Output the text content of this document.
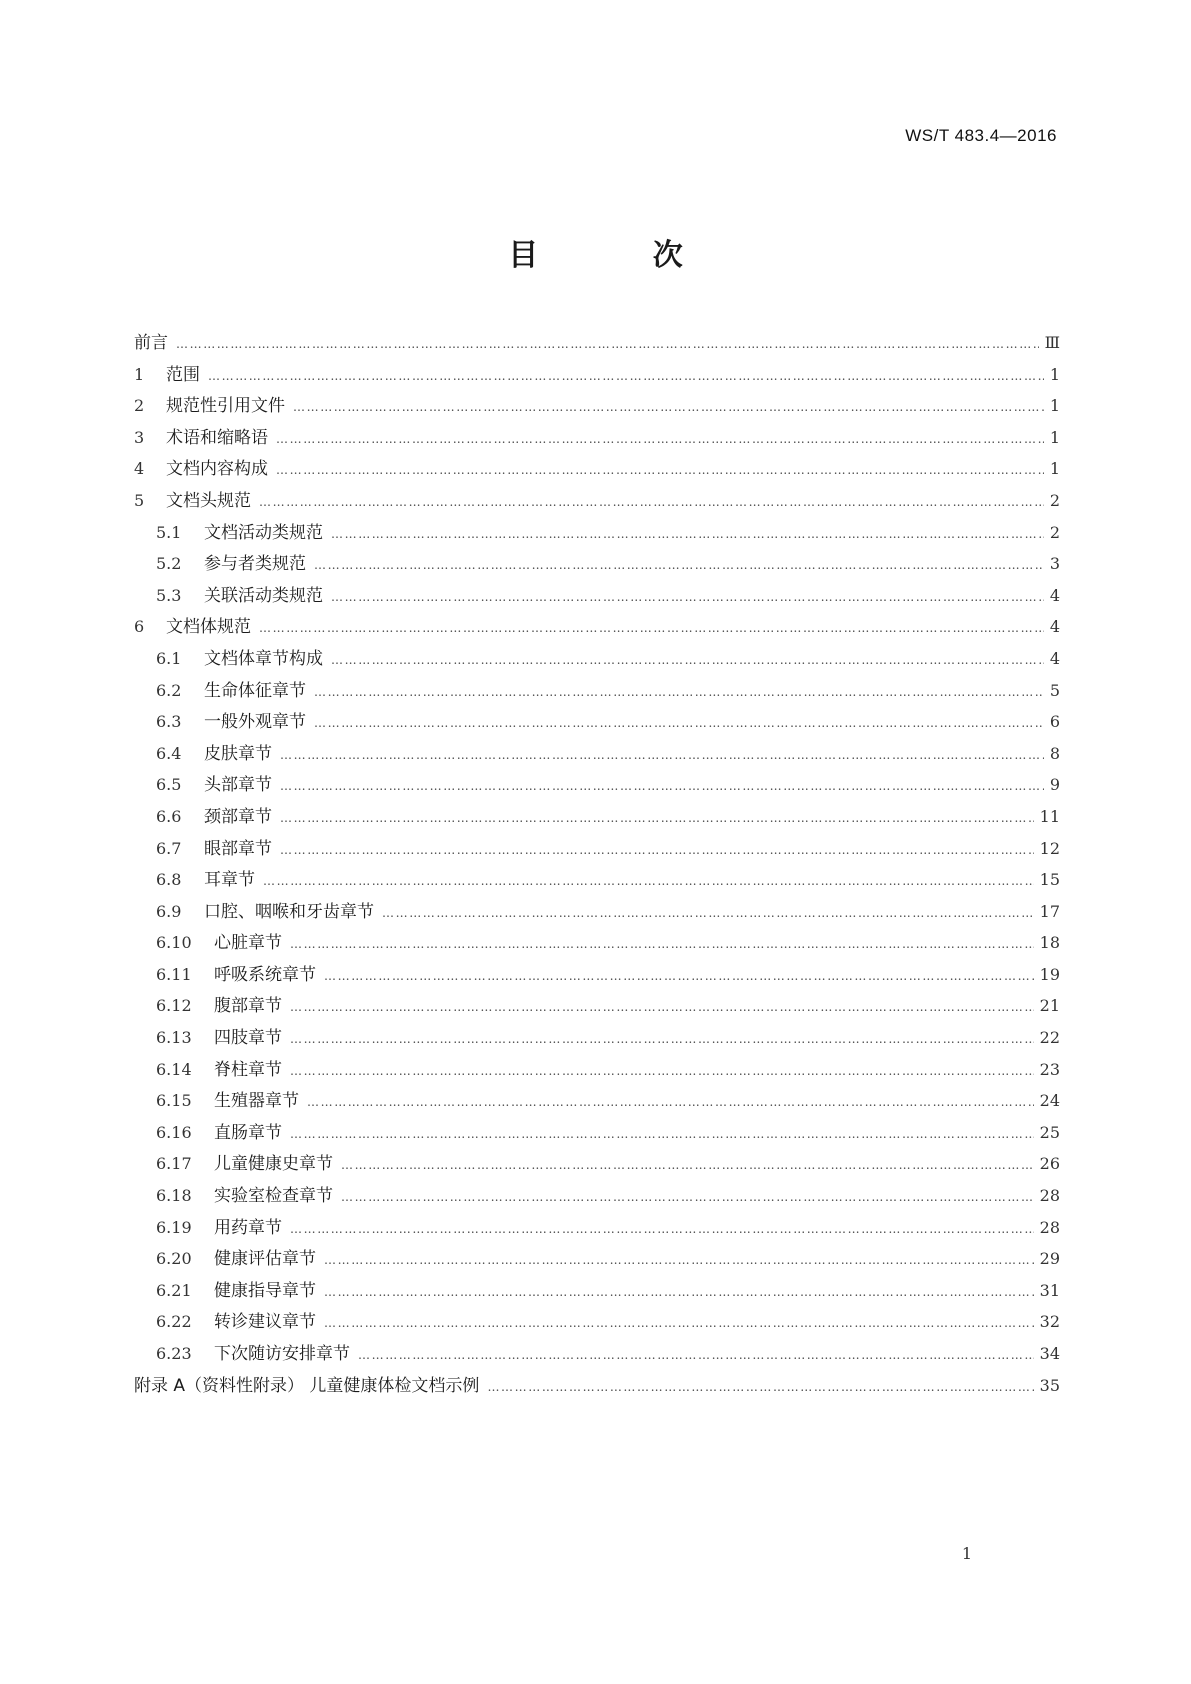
WS/T 483.4—2016
目 次
前言 …………………………………………………………………………………………………………………………………………………………………………………………………………………………………………	Ⅲ
1	范围 …………………………………………………………………………………………………………………………………………………………………………………………………………………………………………	1
2	规范性引用文件 …………………………………………………………………………………………………………………………………………………………………………………………………………………………………………	1
3	术语和缩略语 …………………………………………………………………………………………………………………………………………………………………………………………………………………………………………	1
4	文档内容构成 …………………………………………………………………………………………………………………………………………………………………………………………………………………………………………	1
5	文档头规范 …………………………………………………………………………………………………………………………………………………………………………………………………………………………………………	2
5.1	文档活动类规范 …………………………………………………………………………………………………………………………………………………………………………………………………………………………………………	2
5.2	参与者类规范 …………………………………………………………………………………………………………………………………………………………………………………………………………………………………………	3
5.3	关联活动类规范 …………………………………………………………………………………………………………………………………………………………………………………………………………………………………………	4
6	文档体规范 …………………………………………………………………………………………………………………………………………………………………………………………………………………………………………	4
6.1	文档体章节构成 …………………………………………………………………………………………………………………………………………………………………………………………………………………………………………	4
6.2	生命体征章节 …………………………………………………………………………………………………………………………………………………………………………………………………………………………………………	5
6.3	一般外观章节 …………………………………………………………………………………………………………………………………………………………………………………………………………………………………………	6
6.4	皮肤章节 …………………………………………………………………………………………………………………………………………………………………………………………………………………………………………	8
6.5	头部章节 …………………………………………………………………………………………………………………………………………………………………………………………………………………………………………	9
6.6	颈部章节 …………………………………………………………………………………………………………………………………………………………………………………………………………………………………………	11
6.7	眼部章节 …………………………………………………………………………………………………………………………………………………………………………………………………………………………………………	12
6.8	耳章节 …………………………………………………………………………………………………………………………………………………………………………………………………………………………………………	15
6.9	口腔、咽喉和牙齿章节 …………………………………………………………………………………………………………………………………………………………………………………………………………………………………………	17
6.10	心脏章节 …………………………………………………………………………………………………………………………………………………………………………………………………………………………………………	18
6.11	呼吸系统章节 …………………………………………………………………………………………………………………………………………………………………………………………………………………………………………	19
6.12	腹部章节 …………………………………………………………………………………………………………………………………………………………………………………………………………………………………………	21
6.13	四肢章节 …………………………………………………………………………………………………………………………………………………………………………………………………………………………………………	22
6.14	脊柱章节 …………………………………………………………………………………………………………………………………………………………………………………………………………………………………………	23
6.15	生殖器章节 …………………………………………………………………………………………………………………………………………………………………………………………………………………………………………	24
6.16	直肠章节 …………………………………………………………………………………………………………………………………………………………………………………………………………………………………………	25
6.17	儿童健康史章节 …………………………………………………………………………………………………………………………………………………………………………………………………………………………………………	26
6.18	实验室检查章节 …………………………………………………………………………………………………………………………………………………………………………………………………………………………………………	28
6.19	用药章节 …………………………………………………………………………………………………………………………………………………………………………………………………………………………………………	28
6.20	健康评估章节 …………………………………………………………………………………………………………………………………………………………………………………………………………………………………………	29
6.21	健康指导章节 …………………………………………………………………………………………………………………………………………………………………………………………………………………………………………	31
6.22	转诊建议章节 …………………………………………………………………………………………………………………………………………………………………………………………………………………………………………	32
6.23	下次随访安排章节 …………………………………………………………………………………………………………………………………………………………………………………………………………………………………………	34
附录 A（资料性附录） 儿童健康体检文档示例 …………………………………………………………………………………………………………………………………………………………………………………………………………………………………………	35
1
